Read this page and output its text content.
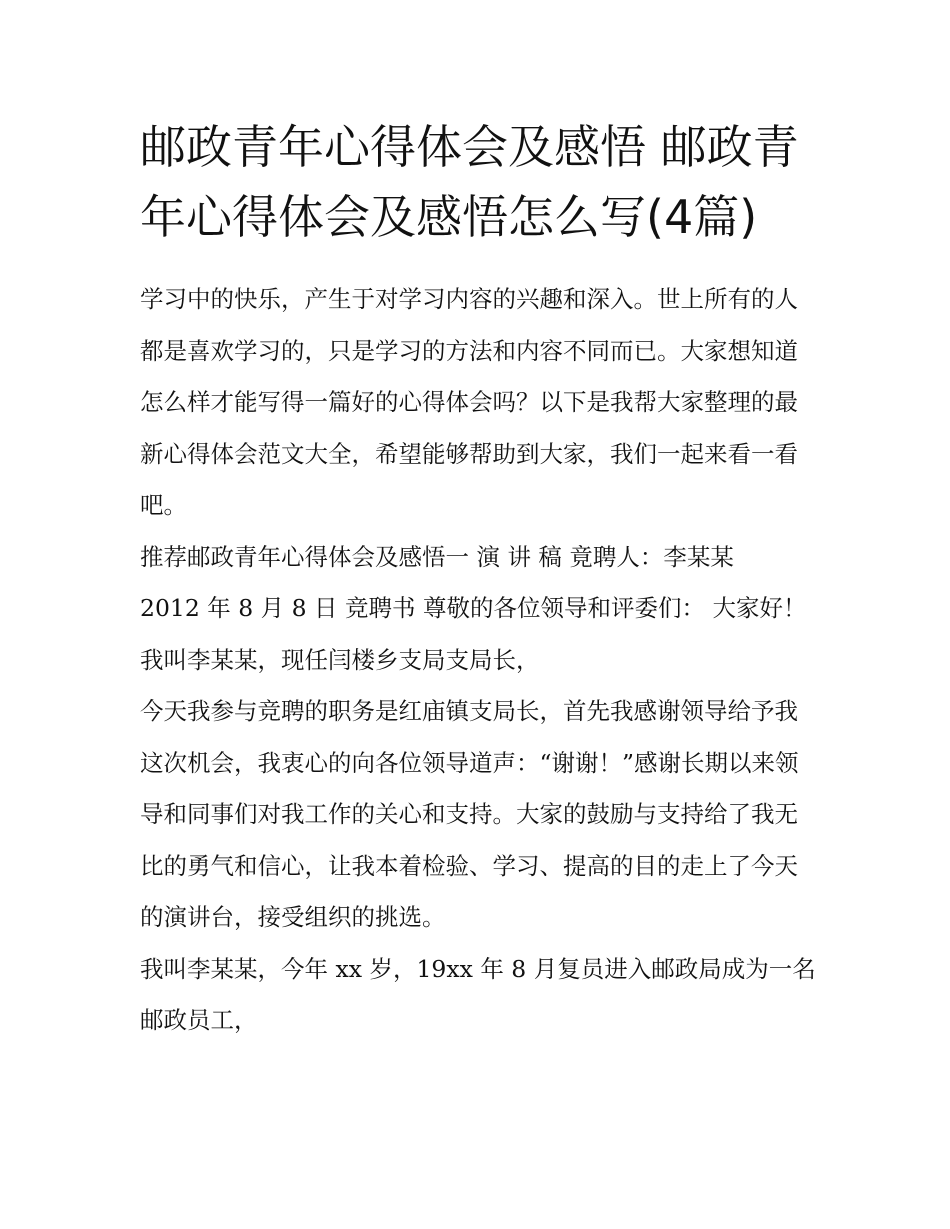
邮政青年心得体会及感悟 邮政青年心得体会及感悟怎么写(4篇)

学习中的快乐，产生于对学习内容的兴趣和深入。世上所有的人都是喜欢学习的，只是学习的方法和内容不同而已。大家想知道怎么样才能写得一篇好的心得体会吗？以下是我帮大家整理的最新心得体会范文大全，希望能够帮助到大家，我们一起来看一看吧。

推荐邮政青年心得体会及感悟一 演 讲 稿 竟聘人：李某某

2012 年 8 月 8 日 竞聘书 尊敬的各位领导和评委们： 大家好！

我叫李某某，现任闫楼乡支局支局长，

今天我参与竞聘的职务是红庙镇支局长，首先我感谢领导给予我这次机会，我衷心的向各位领导道声：“谢谢！”感谢长期以来领导和同事们对我工作的关心和支持。大家的鼓励与支持给了我无比的勇气和信心，让我本着检验、学习、提高的目的走上了今天的演讲台，接受组织的挑选。

我叫李某某，今年 xx 岁，19xx 年 8 月复员进入邮政局成为一名邮政员工，
